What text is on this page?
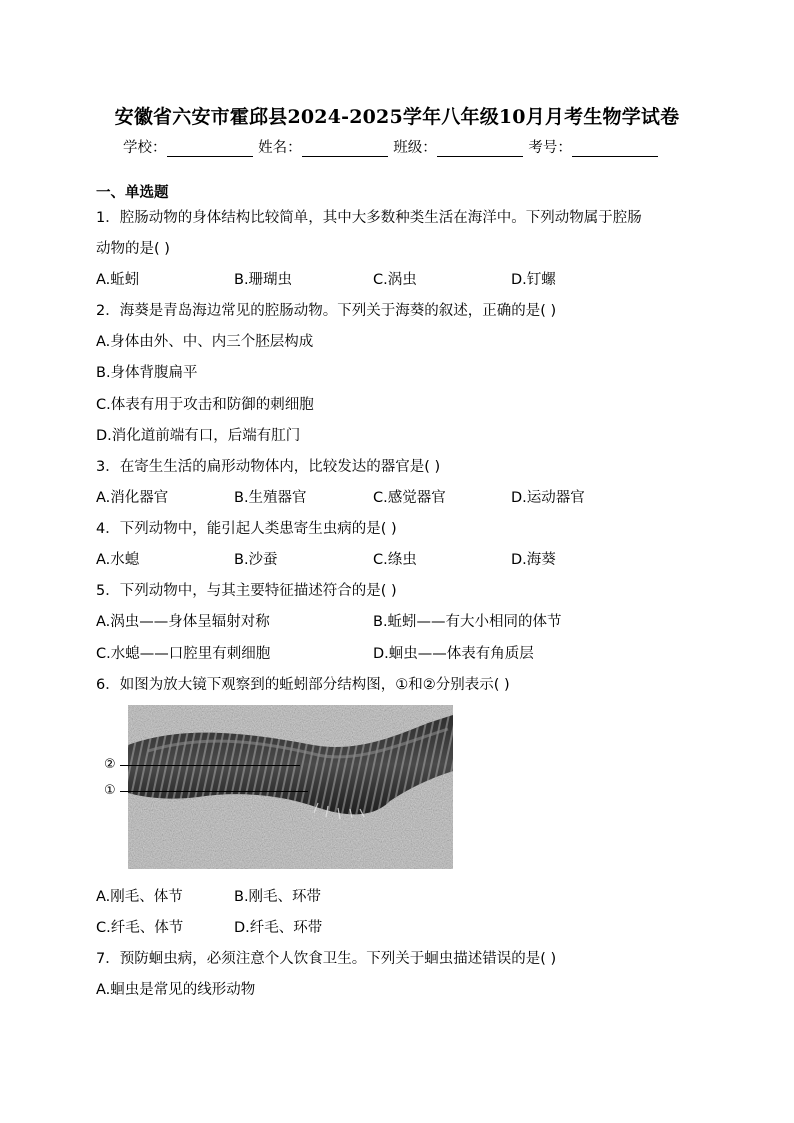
安徽省六安市霍邱县2024-2025学年八年级10月月考生物学试卷
学校：	姓名：	班级：	考号：
一、单选题
1．腔肠动物的身体结构比较简单，其中大多数种类生活在海洋中。下列动物属于腔肠
动物的是( )
A.蚯蚓	B.珊瑚虫	C.涡虫	D.钉螺
2．海葵是青岛海边常见的腔肠动物。下列关于海葵的叙述，正确的是( )
A.身体由外、中、内三个胚层构成
B.身体背腹扁平
C.体表有用于攻击和防御的刺细胞
D.消化道前端有口，后端有肛门
3．在寄生生活的扁形动物体内，比较发达的器官是( )
A.消化器官	B.生殖器官	C.感觉器官	D.运动器官
4．下列动物中，能引起人类患寄生虫病的是( )
A.水螅	B.沙蚕	C.绦虫	D.海葵
5．下列动物中，与其主要特征描述符合的是( )
A.涡虫——身体呈辐射对称	B.蚯蚓——有大小相同的体节
C.水螅——口腔里有刺细胞	D.蛔虫——体表有角质层
6．如图为放大镜下观察到的蚯蚓部分结构图，①和②分别表示( )
②
①
A.刚毛、体节	B.刚毛、环带
C.纤毛、体节	D.纤毛、环带
7．预防蛔虫病，必须注意个人饮食卫生。下列关于蛔虫描述错误的是( )
A.蛔虫是常见的线形动物
